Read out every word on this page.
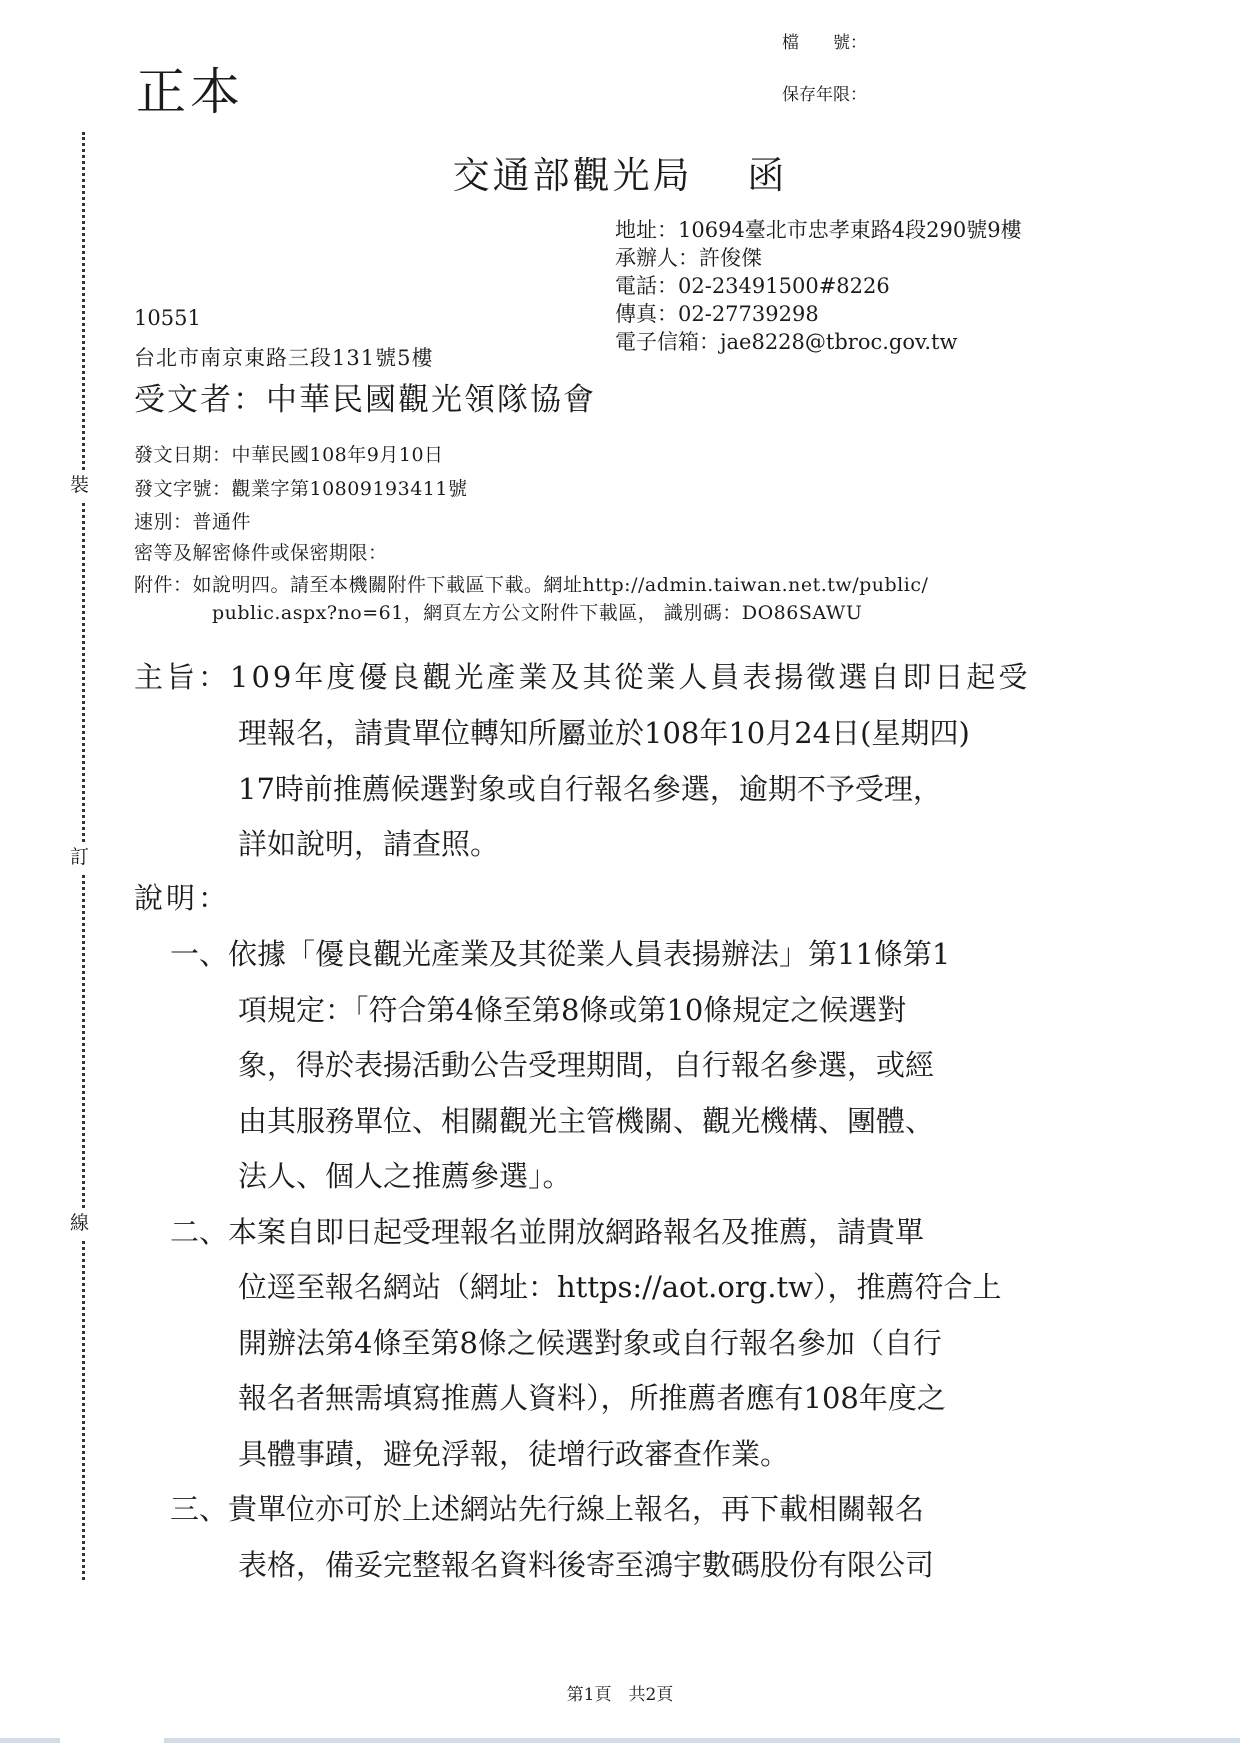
裝
訂
線
正本
檔　　號：
保存年限：
交通部觀光局　 函
地址：10694臺北市忠孝東路4段290號9樓
承辦人：許俊傑
電話：02-23491500#8226
傳真：02-27739298
電子信箱：jae8228@tbroc.gov.tw
10551
台北市南京東路三段131號5樓
受文者：中華民國觀光領隊協會
發文日期：中華民國108年9月10日
發文字號：觀業字第10809193411號
速別：普通件
密等及解密條件或保密期限：
附件：如說明四。請至本機關附件下載區下載。網址http://admin.taiwan.net.tw/public/
public.aspx?no=61，網頁左方公文附件下載區， 識別碼：DO86SAWU
主旨：109年度優良觀光產業及其從業人員表揚徵選自即日起受
理報名，請貴單位轉知所屬並於108年10月24日(星期四)
17時前推薦候選對象或自行報名參選，逾期不予受理，
詳如說明，請查照。
說明：
一、依據「優良觀光產業及其從業人員表揚辦法」第11條第1
項規定：「符合第4條至第8條或第10條規定之候選對
象，得於表揚活動公告受理期間，自行報名參選，或經
由其服務單位、相關觀光主管機關、觀光機構、團體、
法人、個人之推薦參選」。
二、本案自即日起受理報名並開放網路報名及推薦，請貴單
位逕至報名網站（網址：https://aot.org.tw），推薦符合上
開辦法第4條至第8條之候選對象或自行報名參加（自行
報名者無需填寫推薦人資料），所推薦者應有108年度之
具體事蹟，避免浮報，徒增行政審查作業。
三、貴單位亦可於上述網站先行線上報名，再下載相關報名
表格，備妥完整報名資料後寄至鴻宇數碼股份有限公司
第1頁　共2頁
